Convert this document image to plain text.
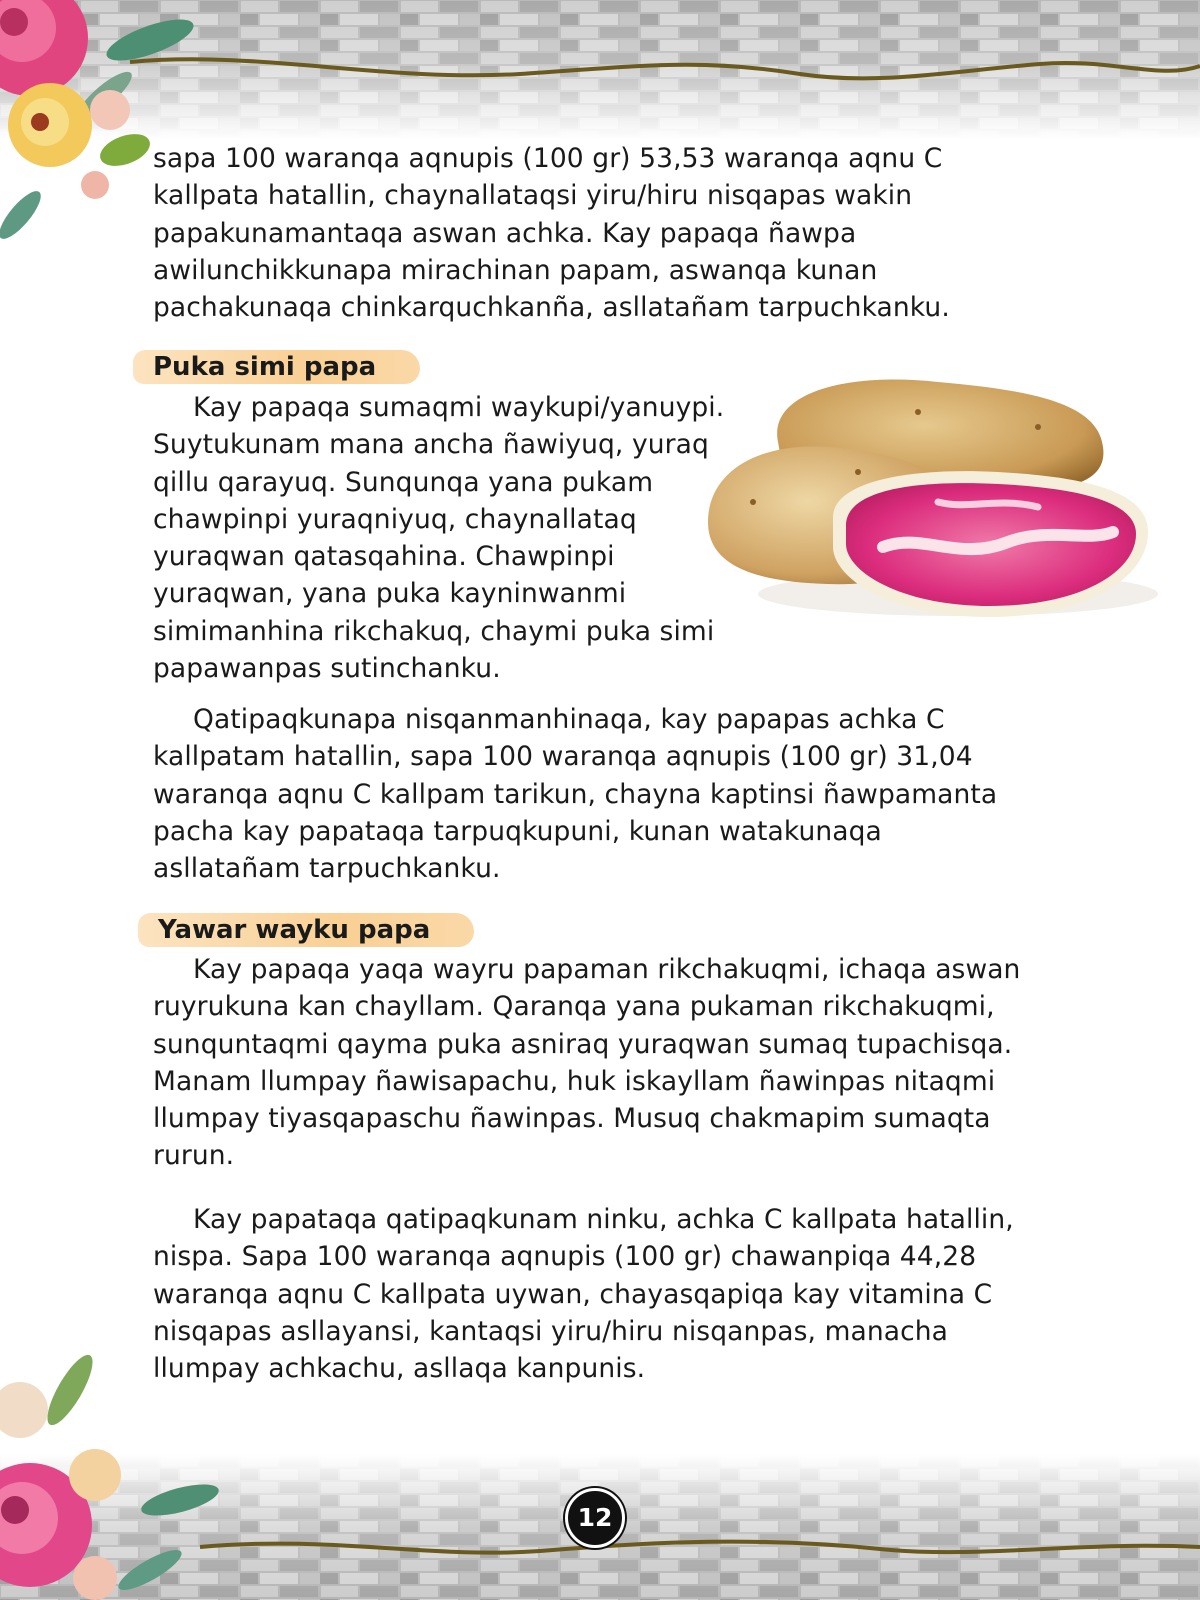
sapa 100 waranqa aqnupis (100 gr) 53,53 waranqa aqnu C kallpata hatallin, chaynallataqsi yiru/hiru nisqapas wakin papakunamantaqa aswan achka. Kay papaqa ñawpa awilunchikkunapa mirachinan papam, aswanqa kunan pachakunaqa chinkarquchkanña, asllatañam tarpuchkanku.

Puka simi papa

Kay papaqa sumaqmi waykupi/yanuypi. Suytukunam mana ancha ñawiyuq, yuraq qillu qarayuq. Sunqunqa yana pukam chawpinpi yuraqniyuq, chaynallataq yuraqwan qatasqahina. Chawpinpi yuraqwan, yana puka kayninwanmi simimanhina rikchakuq, chaymi puka simi papawanpas sutinchanku.

Qatipaqkunapa nisqanmanhinaqa, kay papapas achka C kallpatam hatallin, sapa 100 waranqa aqnupis (100 gr) 31,04 waranqa aqnu C kallpam tarikun, chayna kaptinsi ñawpamanta pacha kay papataqa tarpuqkupuni, kunan watakunaqa asllatañam tarpuchkanku.

Yawar wayku papa

Kay papaqa yaqa wayru papaman rikchakuqmi, ichaqa aswan ruyrukuna kan chayllam. Qaranqa yana pukaman rikchakuqmi, sunquntaqmi qayma puka asniraq yuraqwan sumaq tupachisqa. Manam llumpay ñawisapachu, huk iskayllam ñawinpas nitaqmi llumpay tiyasqapaschu ñawinpas. Musuq chakmapim sumaqta rurun.

Kay papataqa qatipaqkunam ninku, achka C kallpata hatallin, nispa. Sapa 100 waranqa aqnupis (100 gr) chawanpiqa 44,28 waranqa aqnu C kallpata uywan, chayasqapiqa kay vitamina C nisqapas asllayansi, kantaqsi yiru/hiru nisqanpas, manacha llumpay achkachu, asllaqa kanpunis.

12
